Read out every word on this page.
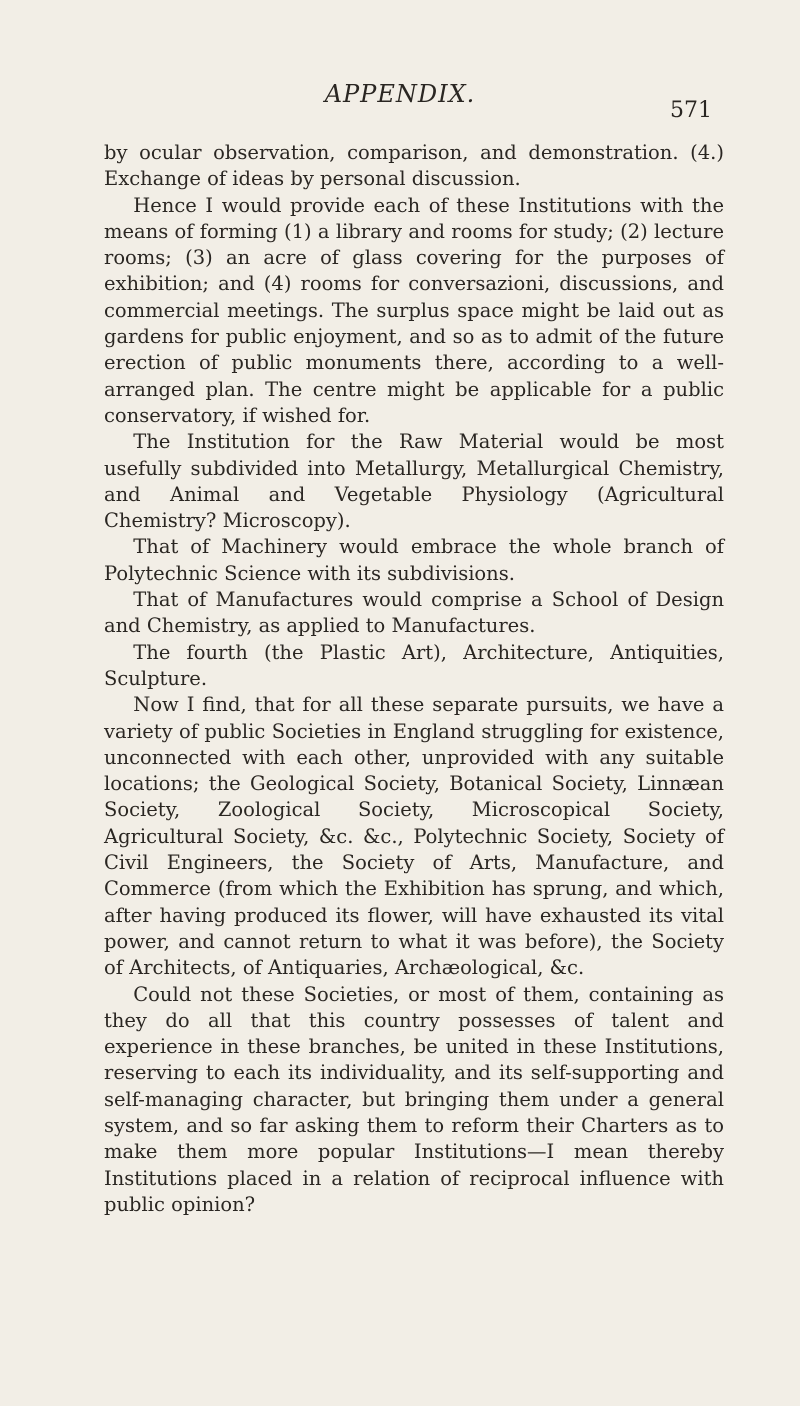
APPENDIX.
571

by ocular observation, comparison, and demonstration. (4.) Exchange of ideas by personal discussion.

Hence I would provide each of these Institutions with the means of forming (1) a library and rooms for study; (2) lecture rooms; (3) an acre of glass covering for the purposes of exhibition; and (4) rooms for conversazioni, discussions, and commercial meetings. The surplus space might be laid out as gardens for public enjoyment, and so as to admit of the future erection of public monuments there, according to a well-arranged plan. The centre might be applicable for a public conservatory, if wished for.

The Institution for the Raw Material would be most usefully subdivided into Metallurgy, Metallurgical Chemistry, and Animal and Vegetable Physiology (Agricultural Chemistry? Microscopy).

That of Machinery would embrace the whole branch of Polytechnic Science with its subdivisions.

That of Manufactures would comprise a School of Design and Chemistry, as applied to Manufactures.

The fourth (the Plastic Art), Architecture, Antiquities, Sculpture.

Now I find, that for all these separate pursuits, we have a variety of public Societies in England struggling for existence, unconnected with each other, unprovided with any suitable locations; the Geological Society, Botanical Society, Linnæan Society, Zoological Society, Microscopical Society, Agricultural Society, &c. &c., Polytechnic Society, Society of Civil Engineers, the Society of Arts, Manufacture, and Commerce (from which the Exhibition has sprung, and which, after having produced its flower, will have exhausted its vital power, and cannot return to what it was before), the Society of Architects, of Antiquaries, Archæological, &c.

Could not these Societies, or most of them, containing as they do all that this country possesses of talent and experience in these branches, be united in these Institutions, reserving to each its individuality, and its self-supporting and self-managing character, but bringing them under a general system, and so far asking them to reform their Charters as to make them more popular Institutions—I mean thereby Institutions placed in a relation of reciprocal influence with public opinion?
